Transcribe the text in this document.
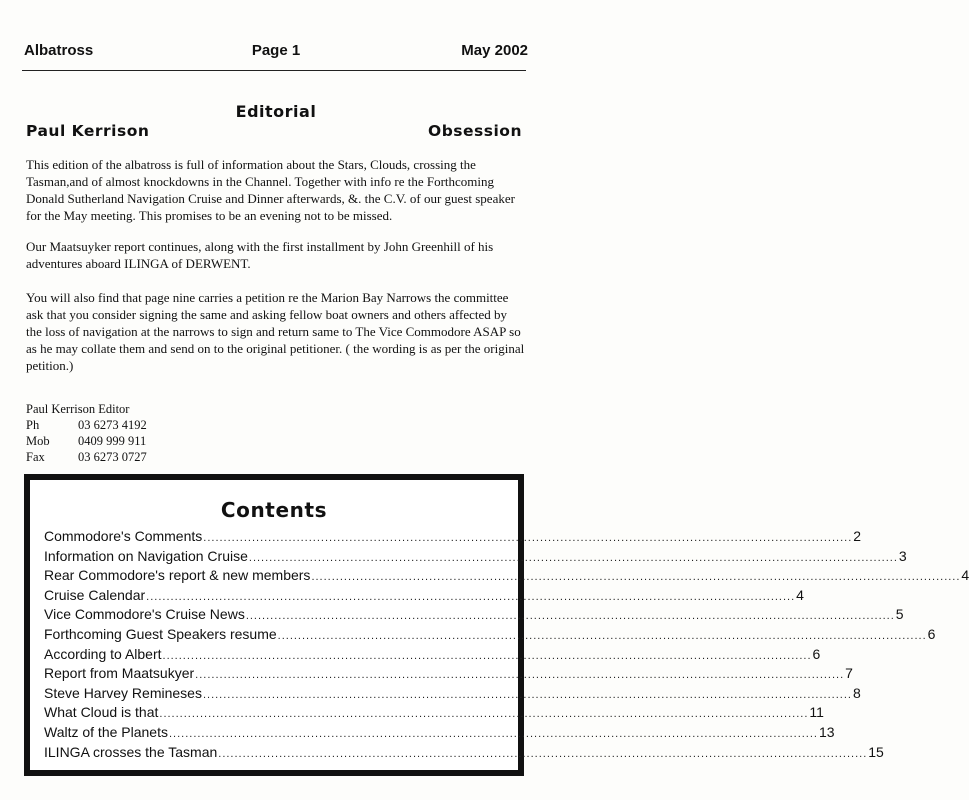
Albatross	Page 1	May 2002
Editorial
Paul Kerrison	Obsession

This edition of the albatross is full of information about the Stars, Clouds, crossing the Tasman,and of almost knockdowns in the Channel. Together with info re the Forthcoming Donald Sutherland Navigation Cruise and Dinner afterwards, &. the C.V. of our guest speaker for the May meeting. This promises to be an evening not to be missed.

Our Maatsuyker report continues, along with the first installment by John Greenhill of his adventures aboard ILINGA of DERWENT.

You will also find that page nine carries a petition re the Marion Bay Narrows the committee ask that you consider signing the same and asking fellow boat owners and others affected by the loss of navigation at the narrows to sign and return same to The Vice Commodore ASAP so as he may collate them and send on to the original petitioner. ( the wording is as per the original petition.)

Paul Kerrison Editor
Ph	03 6273 4192
Mob 0409 999 911
Fax	03 6273 0727
Contents
Commodore's Comments ................................................................................................................................................................ 2
Information on Navigation Cruise ................................................................................................................................................................ 3
Rear Commodore's report & new members ................................................................................................................................................................ 4
Cruise Calendar ................................................................................................................................................................ 4
Vice Commodore's Cruise News ................................................................................................................................................................ 5
Forthcoming Guest Speakers resume ................................................................................................................................................................ 6
According to Albert ................................................................................................................................................................ 6
Report from Maatsukyer ................................................................................................................................................................ 7
Steve Harvey Remineses ................................................................................................................................................................ 8
What Cloud is that ................................................................................................................................................................ 11
Waltz of the Planets ................................................................................................................................................................ 13
ILINGA crosses the Tasman ................................................................................................................................................................ 15
